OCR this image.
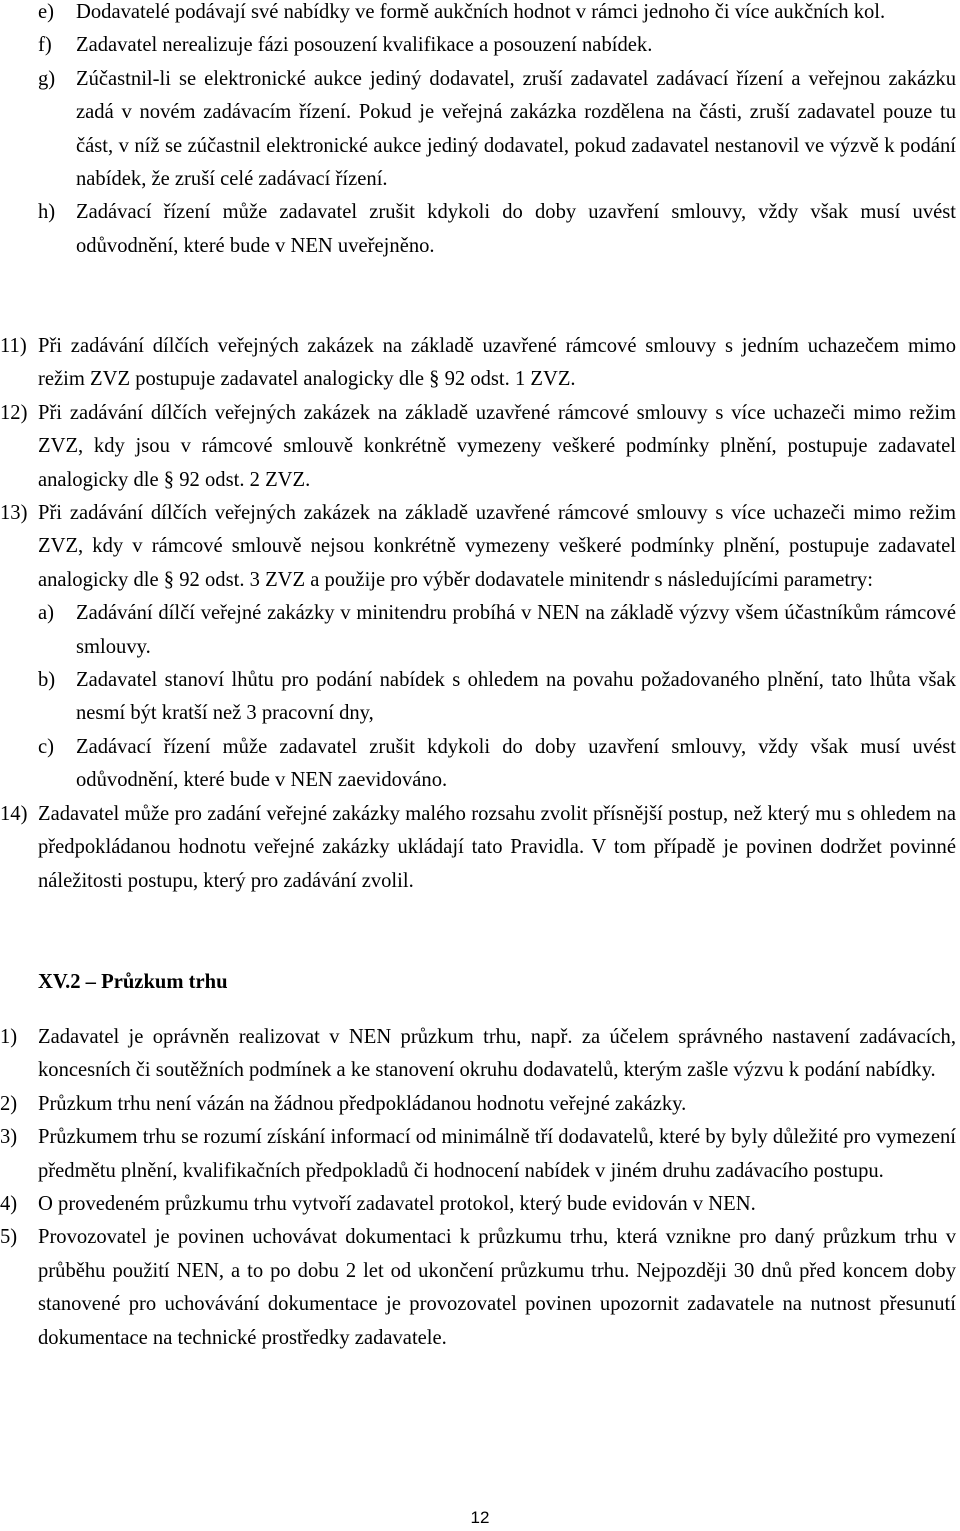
e) Dodavatelé podávají své nabídky ve formě aukčních hodnot v rámci jednoho či více aukčních kol.
f) Zadavatel nerealizuje fázi posouzení kvalifikace a posouzení nabídek.
g) Zúčastnil-li se elektronické aukce jediný dodavatel, zruší zadavatel zadávací řízení a veřejnou zakázku zadá v novém zadávacím řízení. Pokud je veřejná zakázka rozdělena na části, zruší zadavatel pouze tu část, v níž se zúčastnil elektronické aukce jediný dodavatel, pokud zadavatel nestanovil ve výzvě k podání nabídek, že zruší celé zadávací řízení.
h) Zadávací řízení může zadavatel zrušit kdykoli do doby uzavření smlouvy, vždy však musí uvést odůvodnění, které bude v NEN uveřejněno.
11) Při zadávání dílčích veřejných zakázek na základě uzavřené rámcové smlouvy s jedním uchazečem mimo režim ZVZ postupuje zadavatel analogicky dle § 92 odst. 1 ZVZ.
12) Při zadávání dílčích veřejných zakázek na základě uzavřené rámcové smlouvy s více uchazeči mimo režim ZVZ, kdy jsou v rámcové smlouvě konkrétně vymezeny veškeré podmínky plnění, postupuje zadavatel analogicky dle § 92 odst. 2 ZVZ.
13) Při zadávání dílčích veřejných zakázek na základě uzavřené rámcové smlouvy s více uchazeči mimo režim ZVZ, kdy v rámcové smlouvě nejsou konkrétně vymezeny veškeré podmínky plnění, postupuje zadavatel analogicky dle § 92 odst. 3 ZVZ a použije pro výběr dodavatele minitendr s následujícími parametry:
a) Zadávání dílčí veřejné zakázky v minitendru probíhá v NEN na základě výzvy všem účastníkům rámcové smlouvy.
b) Zadavatel stanoví lhůtu pro podání nabídek s ohledem na povahu požadovaného plnění, tato lhůta však nesmí být kratší než 3 pracovní dny,
c) Zadávací řízení může zadavatel zrušit kdykoli do doby uzavření smlouvy, vždy však musí uvést odůvodnění, které bude v NEN zaevidováno.
14) Zadavatel může pro zadání veřejné zakázky malého rozsahu zvolit přísnější postup, než který mu s ohledem na předpokládanou hodnotu veřejné zakázky ukládají tato Pravidla. V tom případě je povinen dodržet povinné náležitosti postupu, který pro zadávání zvolil.
XV.2 – Průzkum trhu
1) Zadavatel je oprávněn realizovat v NEN průzkum trhu, např. za účelem správného nastavení zadávacích, koncesních či soutěžních podmínek a ke stanovení okruhu dodavatelů, kterým zašle výzvu k podání nabídky.
2) Průzkum trhu není vázán na žádnou předpokládanou hodnotu veřejné zakázky.
3) Průzkumem trhu se rozumí získání informací od minimálně tří dodavatelů, které by byly důležité pro vymezení předmětu plnění, kvalifikačních předpokladů či hodnocení nabídek v jiném druhu zadávacího postupu.
4) O provedeném průzkumu trhu vytvoří zadavatel protokol, který bude evidován v NEN.
5) Provozovatel je povinen uchovávat dokumentaci k průzkumu trhu, která vznikne pro daný průzkum trhu v průběhu použití NEN, a to po dobu 2 let od ukončení průzkumu trhu. Nejpozději 30 dnů před koncem doby stanovené pro uchovávání dokumentace je provozovatel povinen upozornit zadavatele na nutnost přesunutí dokumentace na technické prostředky zadavatele.
12
